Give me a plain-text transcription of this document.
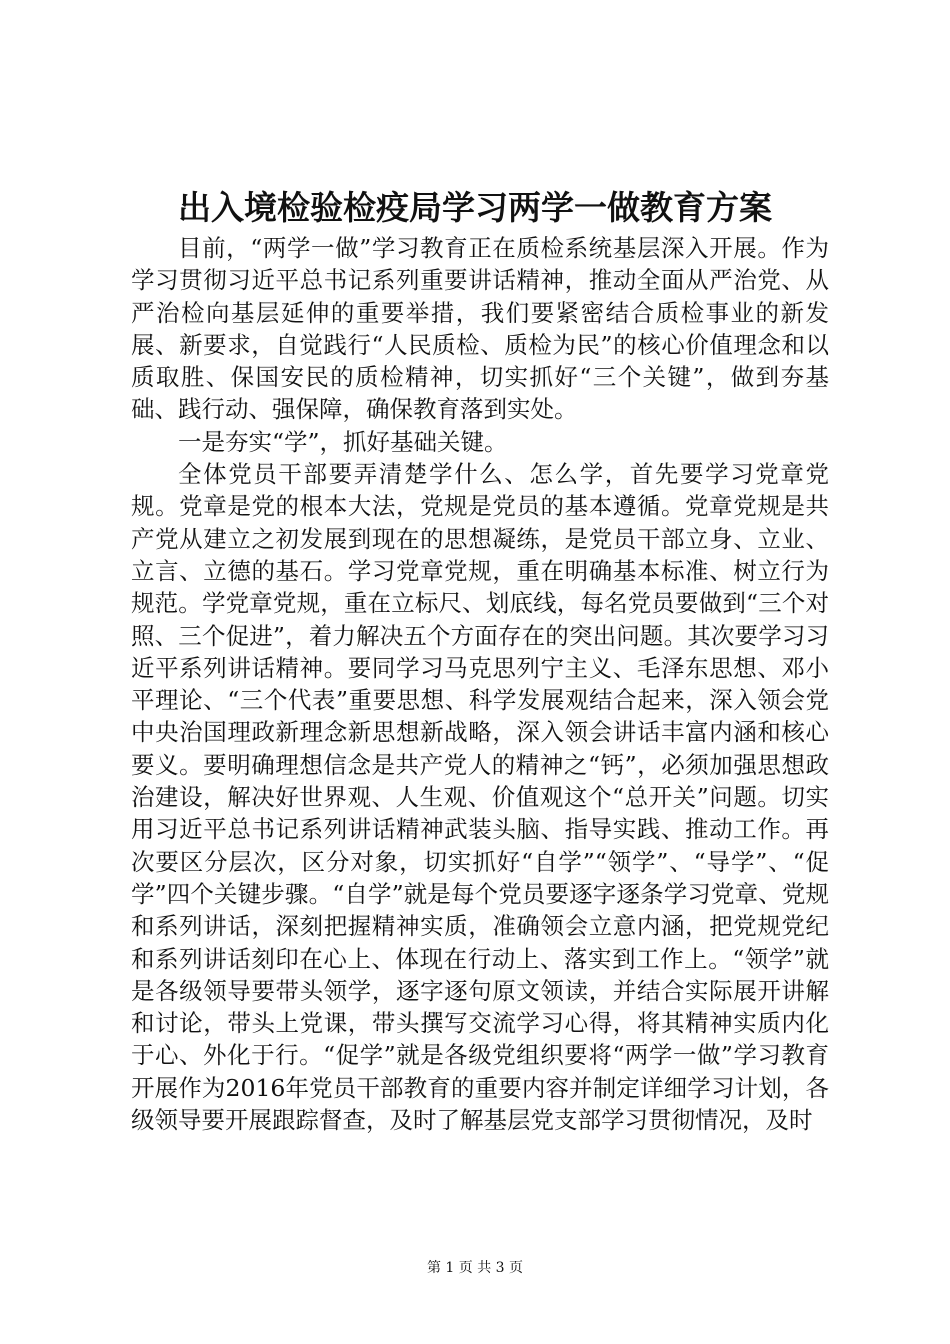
出入境检验检疫局学习两学一做教育方案

目前，“两学一做”学习教育正在质检系统基层深入开展。作为学习贯彻习近平总书记系列重要讲话精神，推动全面从严治党、从严治检向基层延伸的重要举措，我们要紧密结合质检事业的新发展、新要求，自觉践行“人民质检、质检为民”的核心价值理念和以质取胜、保国安民的质检精神，切实抓好“三个关键”，做到夯基础、践行动、强保障，确保教育落到实处。

一是夯实“学”，抓好基础关键。

全体党员干部要弄清楚学什么、怎么学，首先要学习党章党规。党章是党的根本大法，党规是党员的基本遵循。党章党规是共产党从建立之初发展到现在的思想凝练，是党员干部立身、立业、立言、立德的基石。学习党章党规，重在明确基本标准、树立行为规范。学党章党规，重在立标尺、划底线，每名党员要做到“三个对照、三个促进”，着力解决五个方面存在的突出问题。其次要学习习近平系列讲话精神。要同学习马克思列宁主义、毛泽东思想、邓小平理论、“三个代表”重要思想、科学发展观结合起来，深入领会党中央治国理政新理念新思想新战略，深入领会讲话丰富内涵和核心要义。要明确理想信念是共产党人的精神之“钙”，必须加强思想政治建设，解决好世界观、人生观、价值观这个“总开关”问题。切实用习近平总书记系列讲话精神武装头脑、指导实践、推动工作。再次要区分层次，区分对象，切实抓好“自学”“领学”、“导学”、“促学”四个关键步骤。“自学”就是每个党员要逐字逐条学习党章、党规和系列讲话，深刻把握精神实质，准确领会立意内涵，把党规党纪和系列讲话刻印在心上、体现在行动上、落实到工作上。“领学”就是各级领导要带头领学，逐字逐句原文领读，并结合实际展开讲解和讨论，带头上党课，带头撰写交流学习心得，将其精神实质内化于心、外化于行。“促学”就是各级党组织要将“两学一做”学习教育开展作为2016年党员干部教育的重要内容并制定详细学习计划，各级领导要开展跟踪督查，及时了解基层党支部学习贯彻情况，及时

第 1 页 共 3 页
